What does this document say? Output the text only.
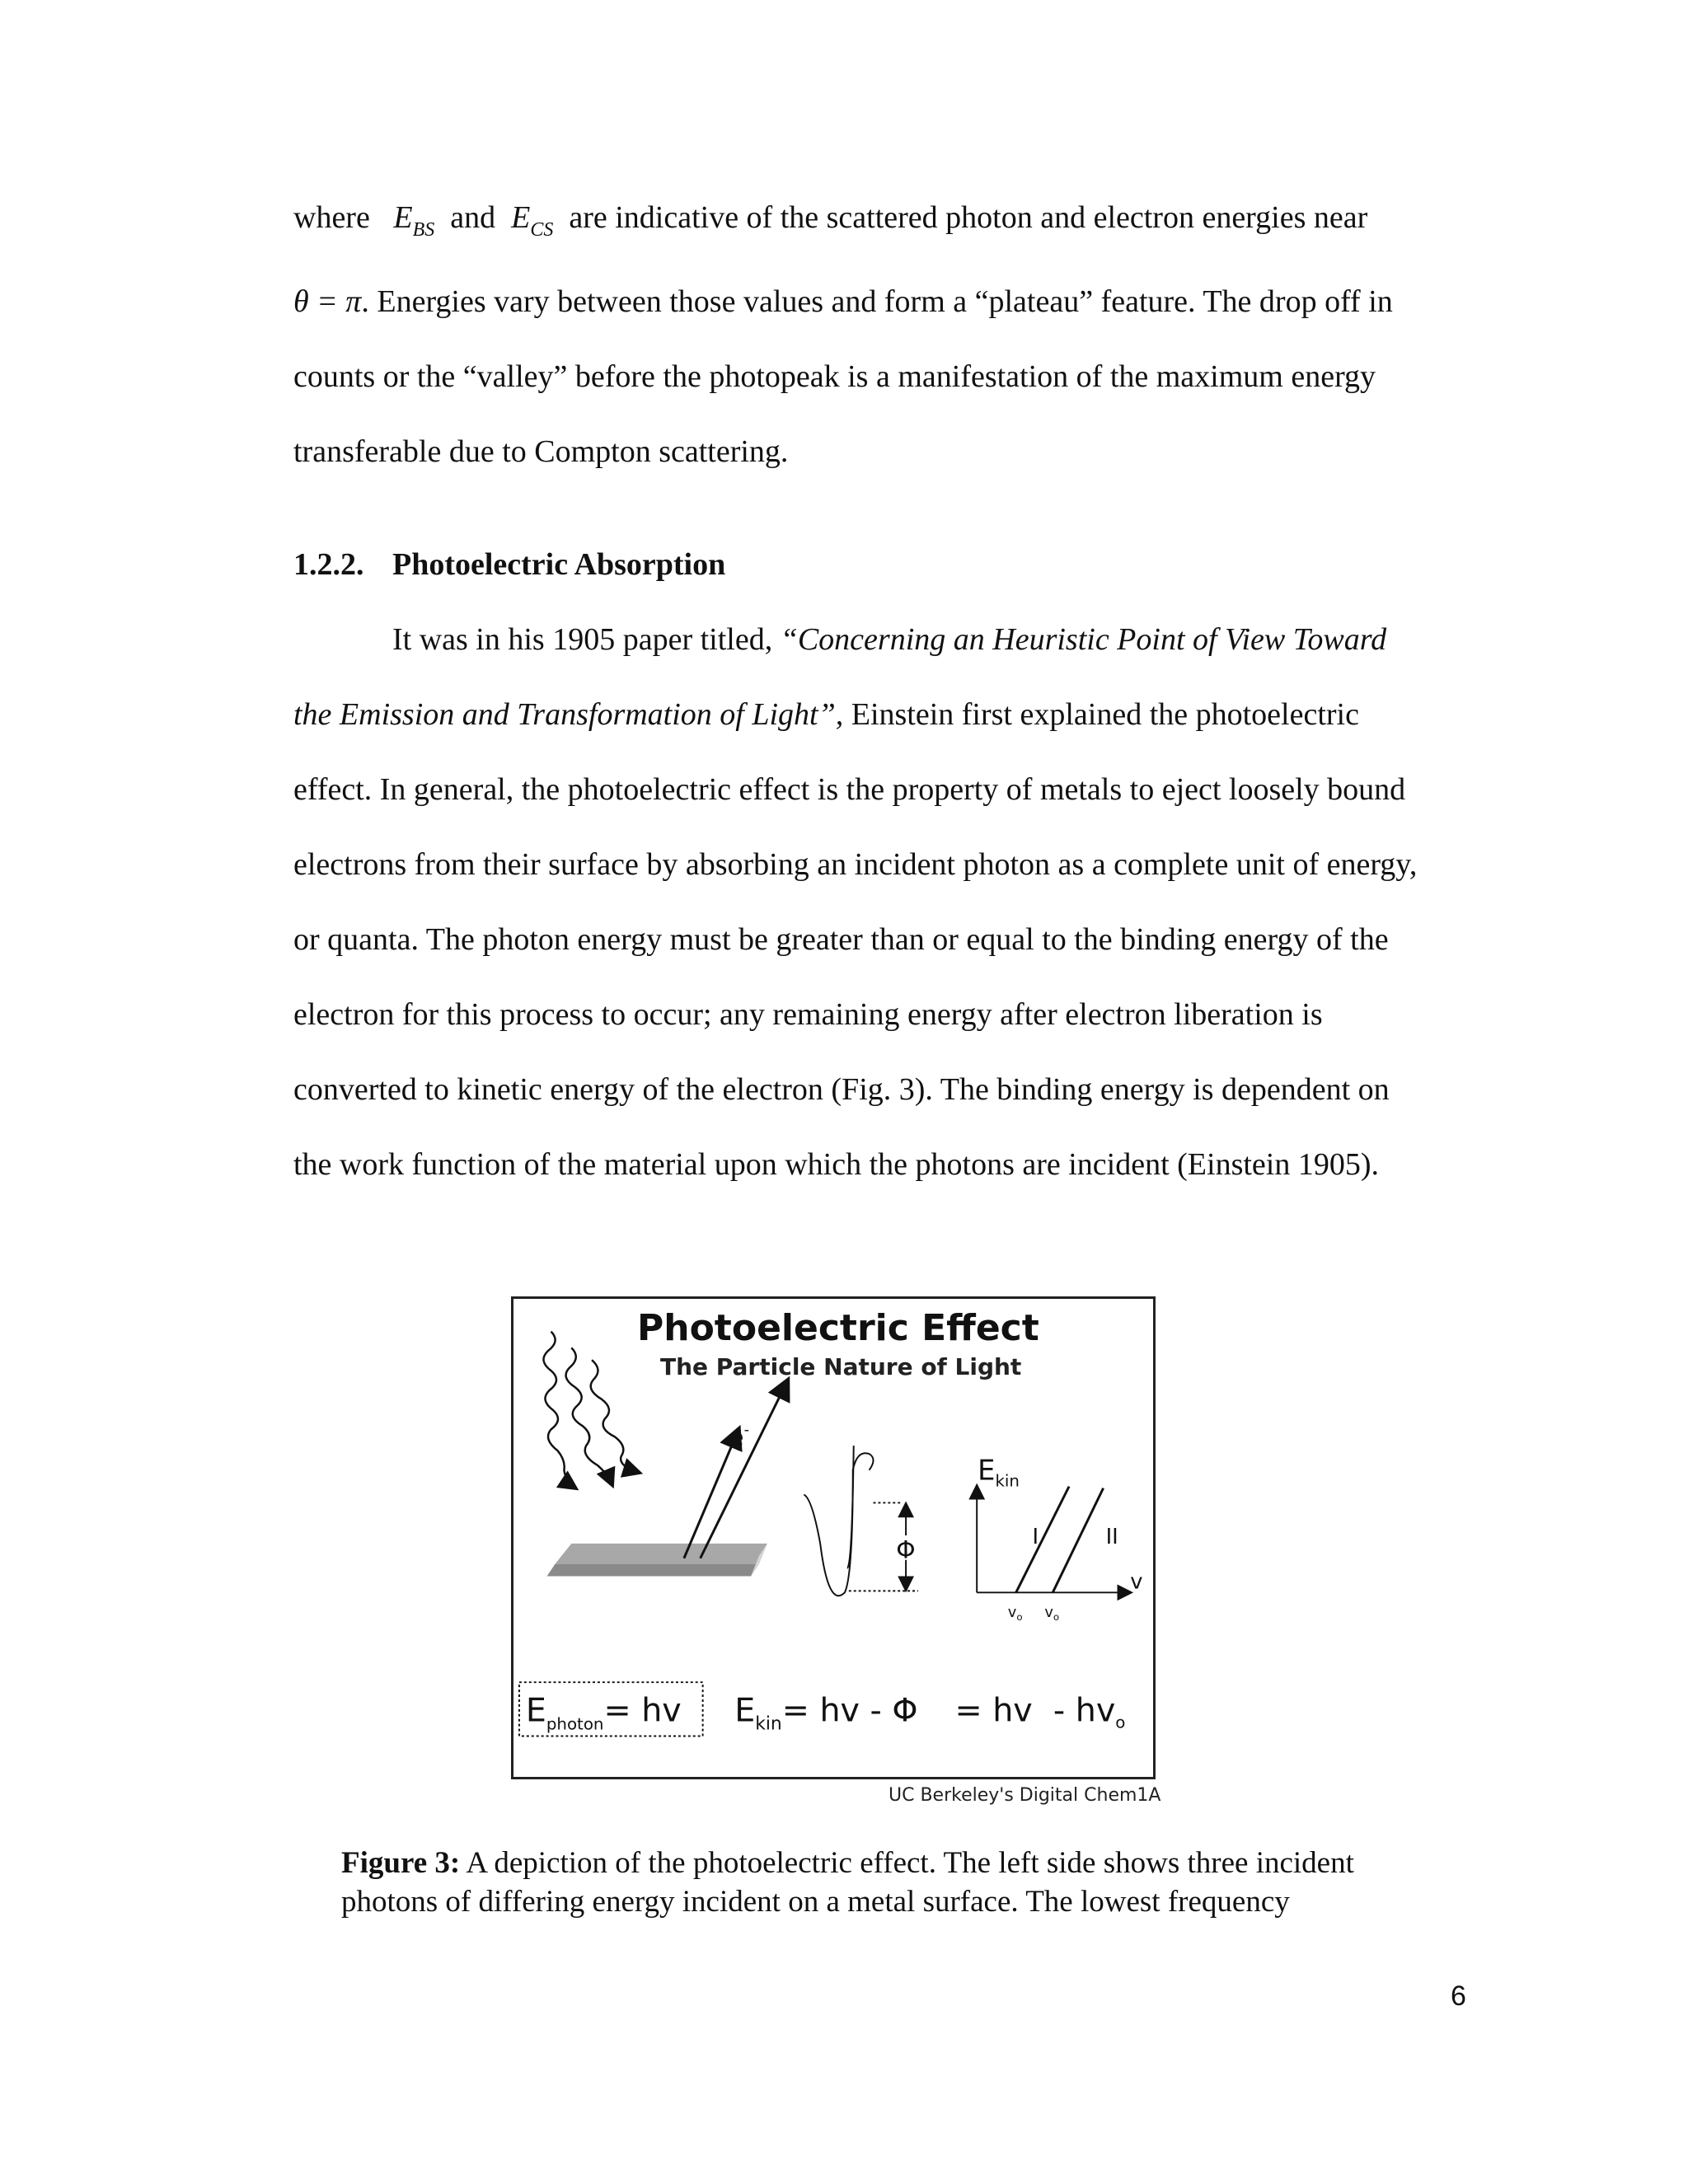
where $E_{BS}$ and $E_{CS}$ are indicative of the scattered photon and electron energies near
θ = π. Energies vary between those values and form a “plateau” feature. The drop off in
counts or the “valley” before the photopeak is a manifestation of the maximum energy
transferable due to Compton scattering.
1.2.2. Photoelectric Absorption
It was in his 1905 paper titled, “Concerning an Heuristic Point of View Toward
the Emission and Transformation of Light”, Einstein first explained the photoelectric
effect. In general, the photoelectric effect is the property of metals to eject loosely bound
electrons from their surface by absorbing an incident photon as a complete unit of energy,
or quanta. The photon energy must be greater than or equal to the binding energy of the
electron for this process to occur; any remaining energy after electron liberation is
converted to kinetic energy of the electron (Fig. 3). The binding energy is dependent on
the work function of the material upon which the photons are incident (Einstein 1905).
e-
Φ
$E_{kin}$
I	II
v
$v_o$ $v_o$
$E_{photon}=$ hv $E_{kin}=$ hv - Φ = hv  - $hv_o$
Photoelectric Effect
The Particle Nature of Light
UC Berkeley's Digital Chem1A
Figure 3: A depiction of the photoelectric effect. The left side shows three incident photons of differing energy incident on a metal surface. The lowest frequency
6
